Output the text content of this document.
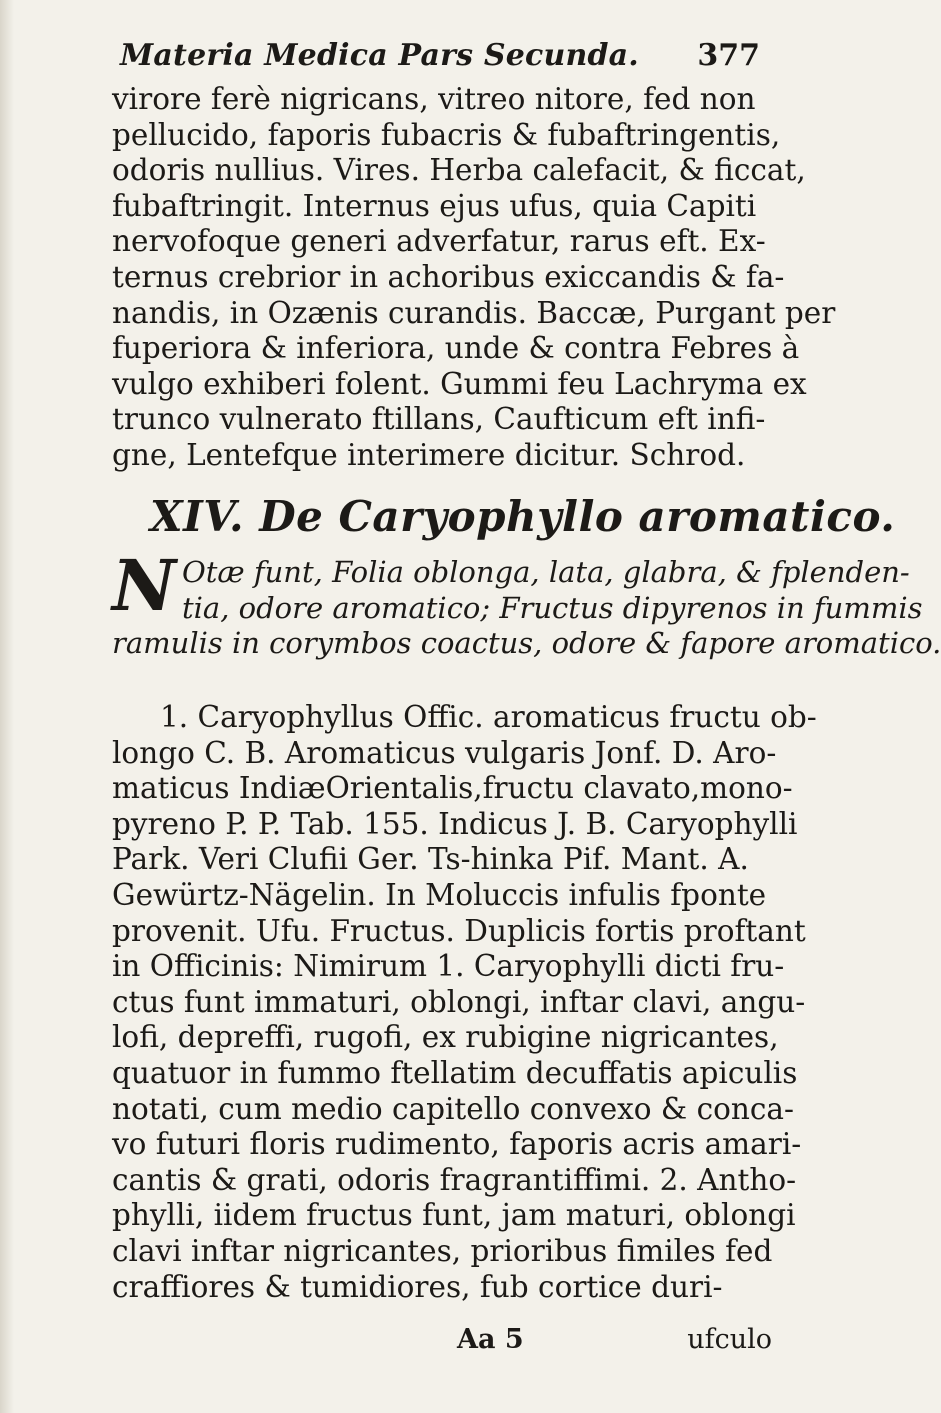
Materia Medica Pars Secunda. 377
virore ferè nigricans, vitreo nitore, fed non
pellucido, faporis fubacris & fubaftringentis,
odoris nullius. Vires. Herba calefacit, & ficcat,
fubaftringit. Internus ejus ufus, quia Capiti
nervofoque generi adverfatur, rarus eft. Ex-
ternus crebrior in achoribus exiccandis & fa-
nandis, in Ozænis curandis. Baccæ, Purgant per
fuperiora & inferiora, unde & contra Febres à
vulgo exhiberi folent. Gummi feu Lachryma ex
trunco vulnerato ftillans, Caufticum eft infi-
gne, Lentefque interimere dicitur. Schrod.
XIV. De Caryophyllo aromatico.
N Otæ funt, Folia oblonga, lata, glabra, & fplenden-
tia, odore aromatico; Fructus dipyrenos in fummis
ramulis in corymbos coactus, odore & fapore aromatico.
1. Caryophyllus Offic. aromaticus fructu ob-
longo C. B. Aromaticus vulgaris Jonf. D. Aro-
maticus IndiæOrientalis,fructu clavato,mono-
pyreno P. P. Tab. 155. Indicus J. B. Caryophylli
Park. Veri Clufii Ger. Ts-hinka Pif. Mant. A.
Gewürtz-Nägelin. In Moluccis infulis fponte
provenit. Ufu. Fructus. Duplicis fortis proftant
in Officinis: Nimirum 1. Caryophylli dicti fru-
ctus funt immaturi, oblongi, inftar clavi, angu-
lofi, depreffi, rugofi, ex rubigine nigricantes,
quatuor in fummo ftellatim decuffatis apiculis
notati, cum medio capitello convexo & conca-
vo futuri floris rudimento, faporis acris amari-
cantis & grati, odoris fragrantiffimi. 2. Antho-
phylli, iidem fructus funt, jam maturi, oblongi
clavi inftar nigricantes, prioribus fimiles fed
craffiores & tumidiores, fub cortice duri-
Aa 5	ufculo
